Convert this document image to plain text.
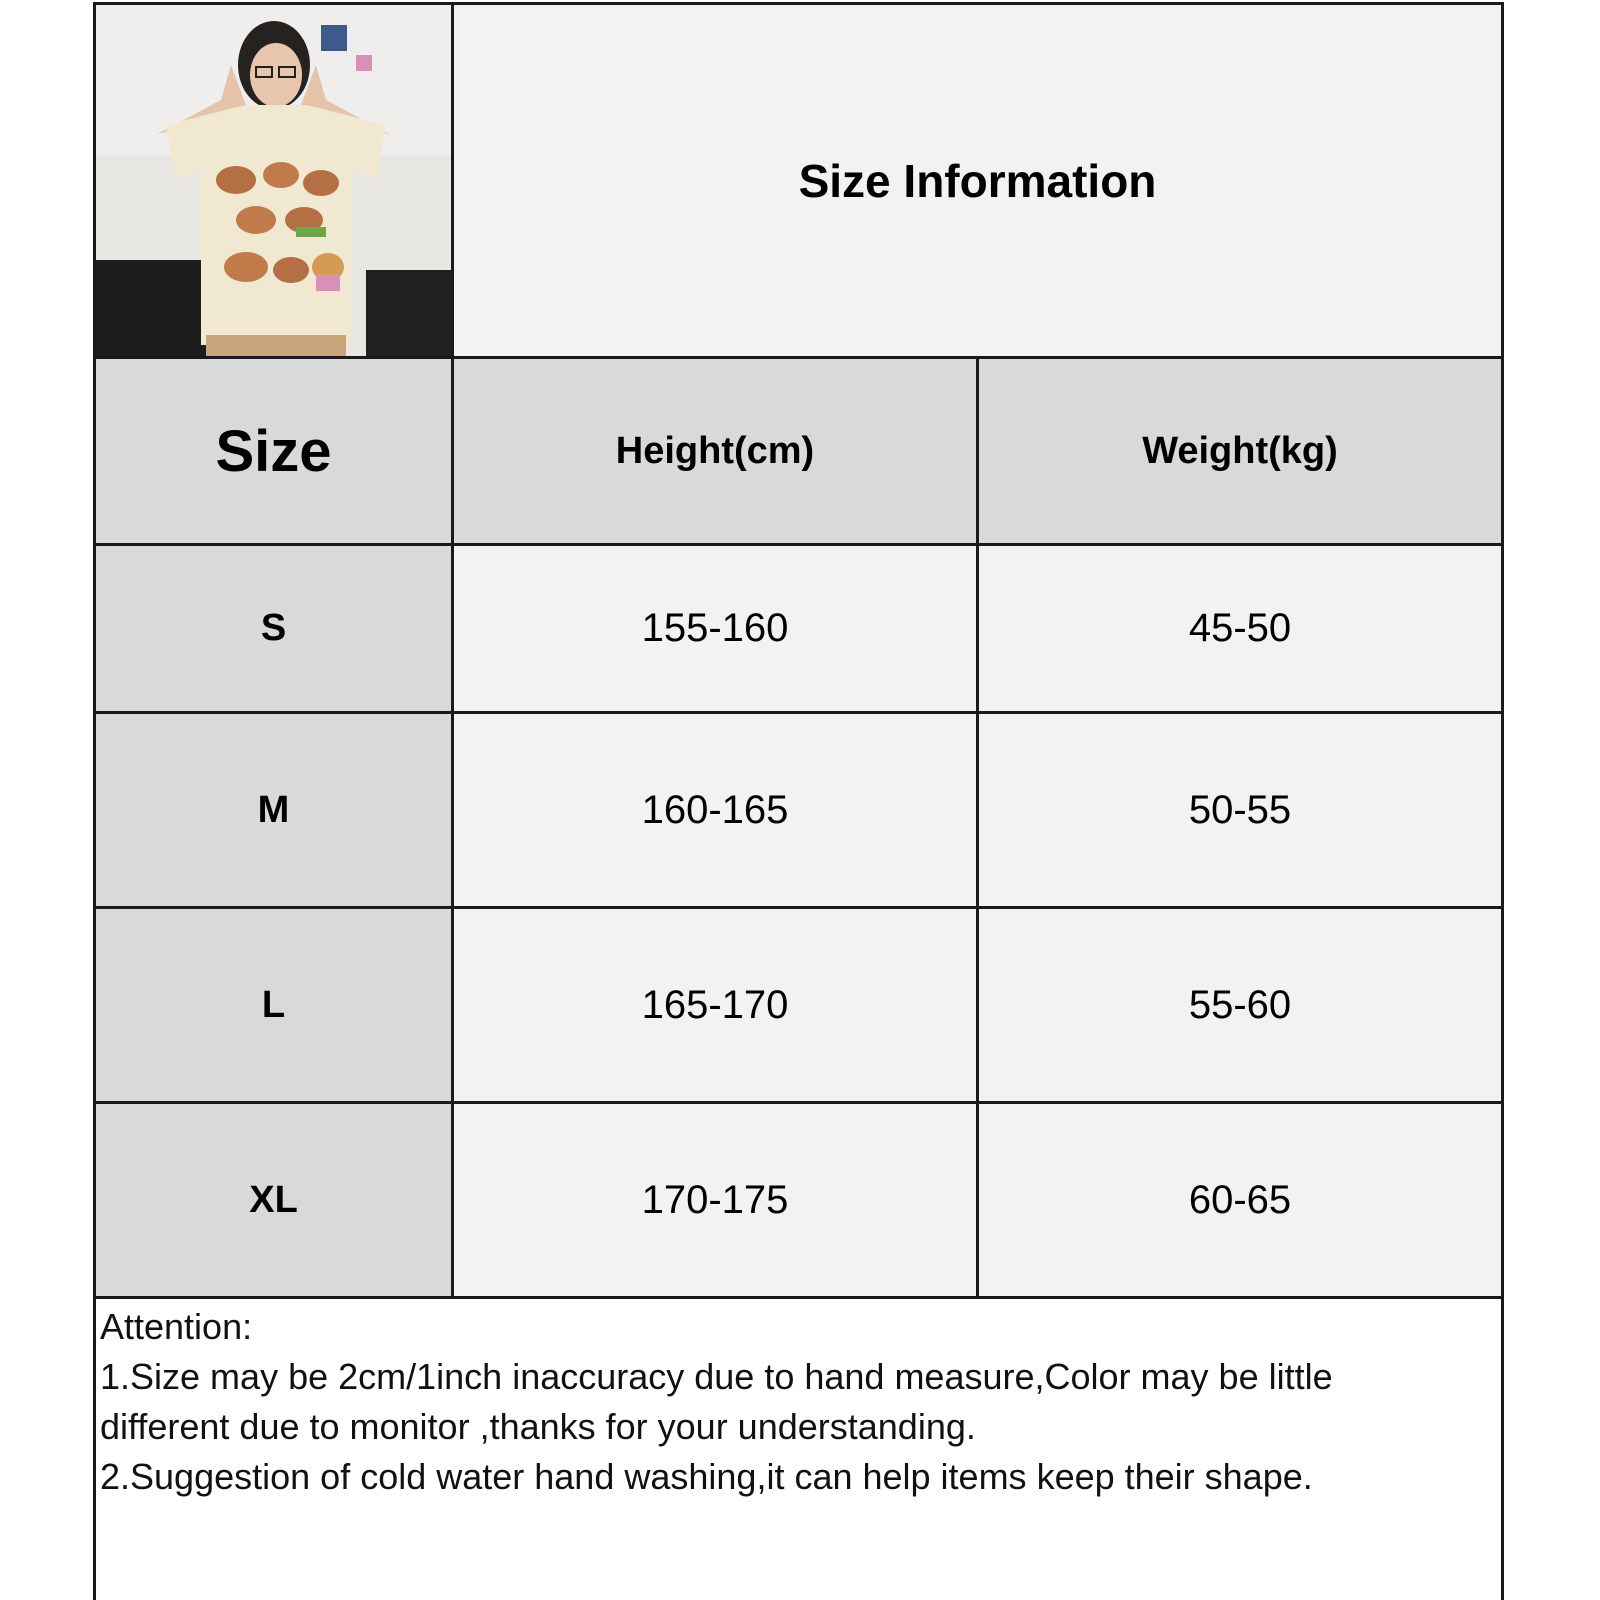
Size Information
Size	Height(cm)	Weight(kg)
S	155-160	45-50
M	160-165	50-55
L	165-170	55-60
XL	170-175	60-65
Attention:
1.Size may be 2cm/1inch inaccuracy due to hand measure,Color may be little
different due to monitor ,thanks for your understanding.
2.Suggestion of cold water hand washing,it can help items keep their shape.
